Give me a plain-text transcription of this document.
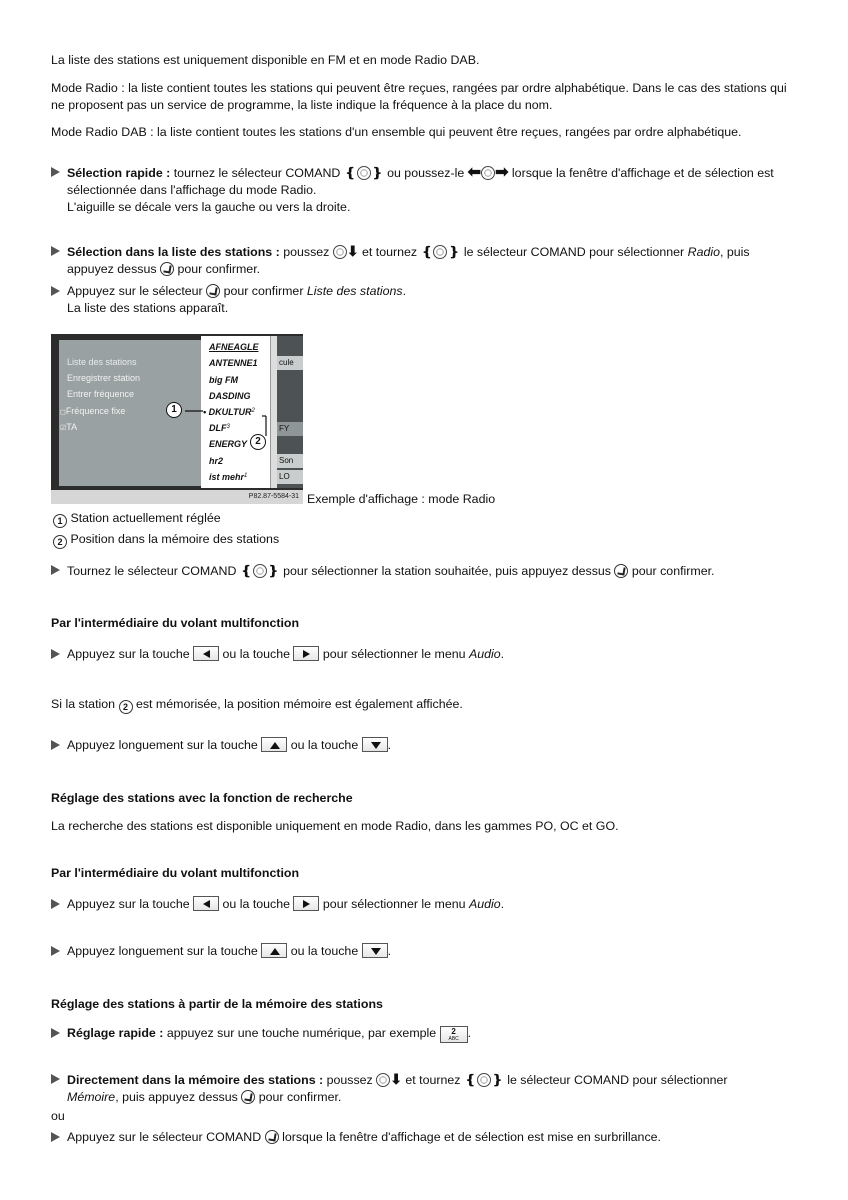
La liste des stations est uniquement disponible en FM et en mode Radio DAB.
Mode Radio : la liste contient toutes les stations qui peuvent être reçues, rangées par ordre alphabétique. Dans le cas des stations qui ne proposent pas un service de programme, la liste indique la fréquence à la place du nom.
Mode Radio DAB : la liste contient toutes les stations d'un ensemble qui peuvent être reçues, rangées par ordre alphabétique.
Sélection rapide : tournez le sélecteur COMAND ❴ ❵ ou poussez-le ⬅ ➡ lorsque la fenêtre d'affichage et de sélection est sélectionnée dans l'affichage du mode Radio.
L'aiguille se décale vers la gauche ou vers la droite.
Sélection dans la liste des stations : poussez ⬇ et tournez ❴ ❵ le sélecteur COMAND pour sélectionner Radio, puis appuyez dessus  pour confirmer.
Appuyez sur le sélecteur  pour confirmer Liste des stations.
La liste des stations apparaît.
Liste des stations
Enregistrer station
Entrer fréquence
◻Fréquence fixe
☑TA
AFNEAGLE
ANTENNE1
big FM
DASDING
• DKULTUR$^2$
DLF$^3$
ENERGY
hr2
ist mehr$^1$
cule
FY
Son
LO
1
2
P82.87-5584-31 Exemple d'affichage : mode Radio
1 Station actuellement réglée
2 Position dans la mémoire des stations
Tournez le sélecteur COMAND ❴ ❵ pour sélectionner la station souhaitée, puis appuyez dessus  pour confirmer.
Par l'intermédiaire du volant multifonction
Appuyez sur la touche  ou la touche  pour sélectionner le menu Audio.
Si la station 2 est mémorisée, la position mémoire est également affichée.
Appuyez longuement sur la touche  ou la touche .
Réglage des stations avec la fonction de recherche
La recherche des stations est disponible uniquement en mode Radio, dans les gammes PO, OC et GO.
Par l'intermédiaire du volant multifonction
Appuyez sur la touche  ou la touche  pour sélectionner le menu Audio.
Appuyez longuement sur la touche  ou la touche .
Réglage des stations à partir de la mémoire des stations
Réglage rapide : appuyez sur une touche numérique, par exemple 2
ABC .
Directement dans la mémoire des stations : poussez ⬇ et tournez ❴ ❵ le sélecteur COMAND pour sélectionner
Mémoire, puis appuyez dessus  pour confirmer.
ou
Appuyez sur le sélecteur COMAND  lorsque la fenêtre d'affichage et de sélection est mise en surbrillance.
